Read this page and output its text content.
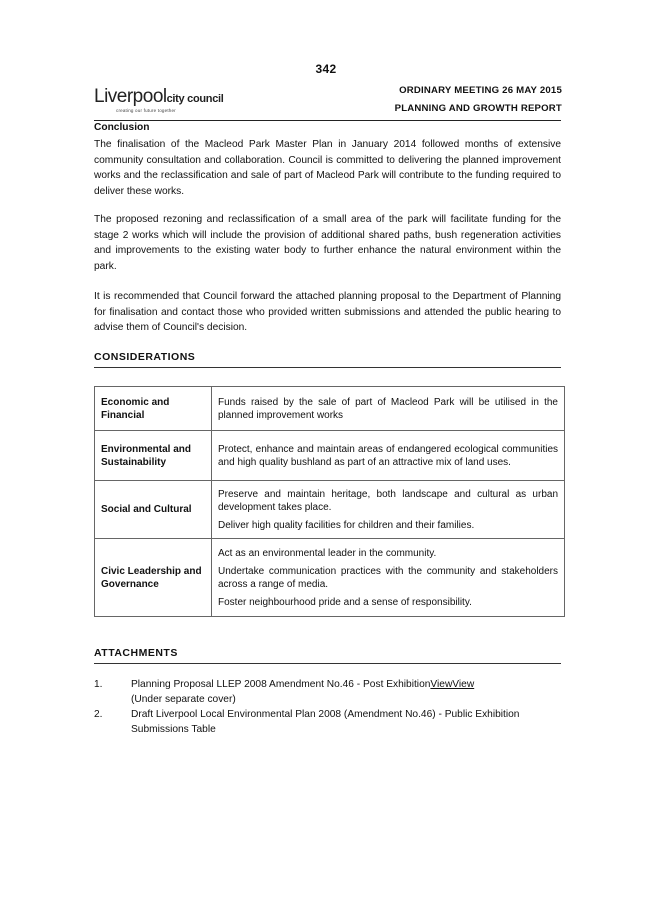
342
Liverpoolcity council
creating our future together
ORDINARY MEETING 26 MAY 2015
PLANNING AND GROWTH REPORT
Conclusion
The finalisation of the Macleod Park Master Plan in January 2014 followed months of extensive community consultation and collaboration. Council is committed to delivering the planned improvement works and the reclassification and sale of part of Macleod Park will contribute to the funding required to deliver these works.
The proposed rezoning and reclassification of a small area of the park will facilitate funding for the stage 2 works which will include the provision of additional shared paths, bush regeneration activities and improvements to the existing water body to further enhance the natural environment within the park.
It is recommended that Council forward the attached planning proposal to the Department of Planning for finalisation and contact those who provided written submissions and attended the public hearing to advise them of Council's decision.
CONSIDERATIONS
Economic and Financial	Funds raised by the sale of part of Macleod Park will be utilised in the planned improvement works

Environmental and Sustainability	Protect, enhance and maintain areas of endangered ecological communities and high quality bushland as part of an attractive mix of land uses.

Social and Cultural	Preserve and maintain heritage, both landscape and cultural as urban development takes place.
Deliver high quality facilities for children and their families.

Civic Leadership and Governance	Act as an environmental leader in the community.
Undertake communication practices with the community and stakeholders across a range of media.
Foster neighbourhood pride and a sense of responsibility.
ATTACHMENTS
1.	Planning Proposal LLEP 2008 Amendment No.46 - Post ExhibitionViewView
(Under separate cover)
2.	Draft Liverpool Local Environmental Plan 2008 (Amendment No.46) - Public Exhibition Submissions Table
